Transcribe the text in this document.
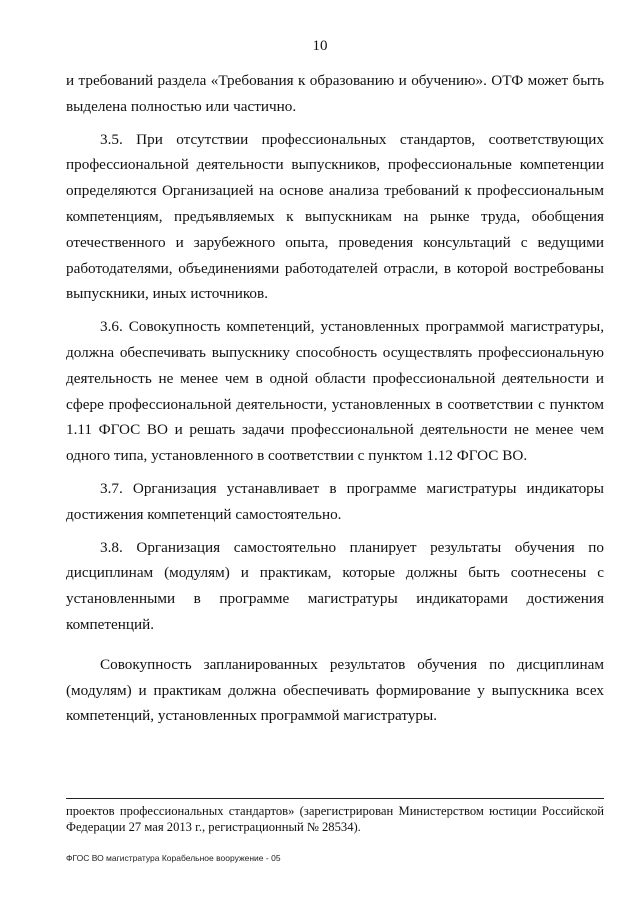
10

и требований раздела «Требования к образованию и обучению». ОТФ может быть выделена полностью или частично.

3.5. При отсутствии профессиональных стандартов, соответствующих профессиональной деятельности выпускников, профессиональные компетенции определяются Организацией на основе анализа требований к профессиональным компетенциям, предъявляемых к выпускникам на рынке труда, обобщения отечественного и зарубежного опыта, проведения консультаций с ведущими работодателями, объединениями работодателей отрасли, в которой востребованы выпускники, иных источников.

3.6. Совокупность компетенций, установленных программой магистратуры, должна обеспечивать выпускнику способность осуществлять профессиональную деятельность не менее чем в одной области профессиональной деятельности и сфере профессиональной деятельности, установленных в соответствии с пунктом 1.11 ФГОС ВО и решать задачи профессиональной деятельности не менее чем одного типа, установленного в соответствии с пунктом 1.12 ФГОС ВО.

3.7. Организация устанавливает в программе магистратуры индикаторы достижения компетенций самостоятельно.

3.8. Организация самостоятельно планирует результаты обучения по дисциплинам (модулям) и практикам, которые должны быть соотнесены с установленными в программе магистратуры индикаторами достижения компетенций.

Совокупность запланированных результатов обучения по дисциплинам (модулям) и практикам должна обеспечивать формирование у выпускника всех компетенций, установленных программой магистратуры.

проектов профессиональных стандартов» (зарегистрирован Министерством юстиции Российской Федерации 27 мая 2013 г., регистрационный № 28534).
ФГОС ВО магистратура Корабельное вооружение - 05
